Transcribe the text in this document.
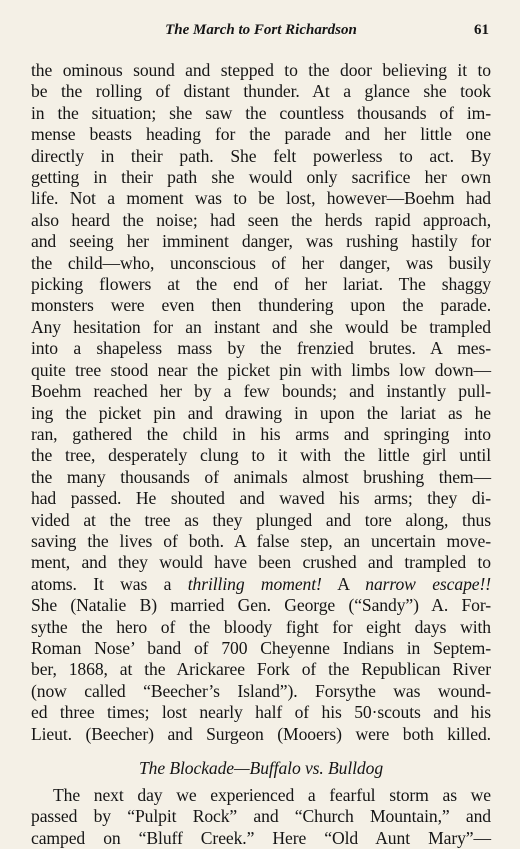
The March to Fort Richardson	61
the ominous sound and stepped to the door believing it to
be the rolling of distant thunder. At a glance she took
in the situation; she saw the countless thousands of im-
mense beasts heading for the parade and her little one
directly in their path. She felt powerless to act. By
getting in their path she would only sacrifice her own
life. Not a moment was to be lost, however—Boehm had
also heard the noise; had seen the herds rapid approach,
and seeing her imminent danger, was rushing hastily for
the child—who, unconscious of her danger, was busily
picking flowers at the end of her lariat. The shaggy
monsters were even then thundering upon the parade.
Any hesitation for an instant and she would be trampled
into a shapeless mass by the frenzied brutes. A mes-
quite tree stood near the picket pin with limbs low down—
Boehm reached her by a few bounds; and instantly pull-
ing the picket pin and drawing in upon the lariat as he
ran, gathered the child in his arms and springing into
the tree, desperately clung to it with the little girl until
the many thousands of animals almost brushing them—
had passed. He shouted and waved his arms; they di-
vided at the tree as they plunged and tore along, thus
saving the lives of both. A false step, an uncertain move-
ment, and they would have been crushed and trampled to
atoms. It was a thrilling moment! A narrow escape!!
She (Natalie B) married Gen. George (“Sandy”) A. For-
sythe the hero of the bloody fight for eight days with
Roman Nose’ band of 700 Cheyenne Indians in Septem-
ber, 1868, at the Arickaree Fork of the Republican River
(now called “Beecher’s Island”). Forsythe was wound-
ed three times; lost nearly half of his 50·scouts and his
Lieut. (Beecher) and Surgeon (Mooers) were both killed.
The Blockade—Buffalo vs. Bulldog
The next day we experienced a fearful storm as we
passed by “Pulpit Rock” and “Church Mountain,” and
camped on “Bluff Creek.” Here “Old Aunt Mary”—
